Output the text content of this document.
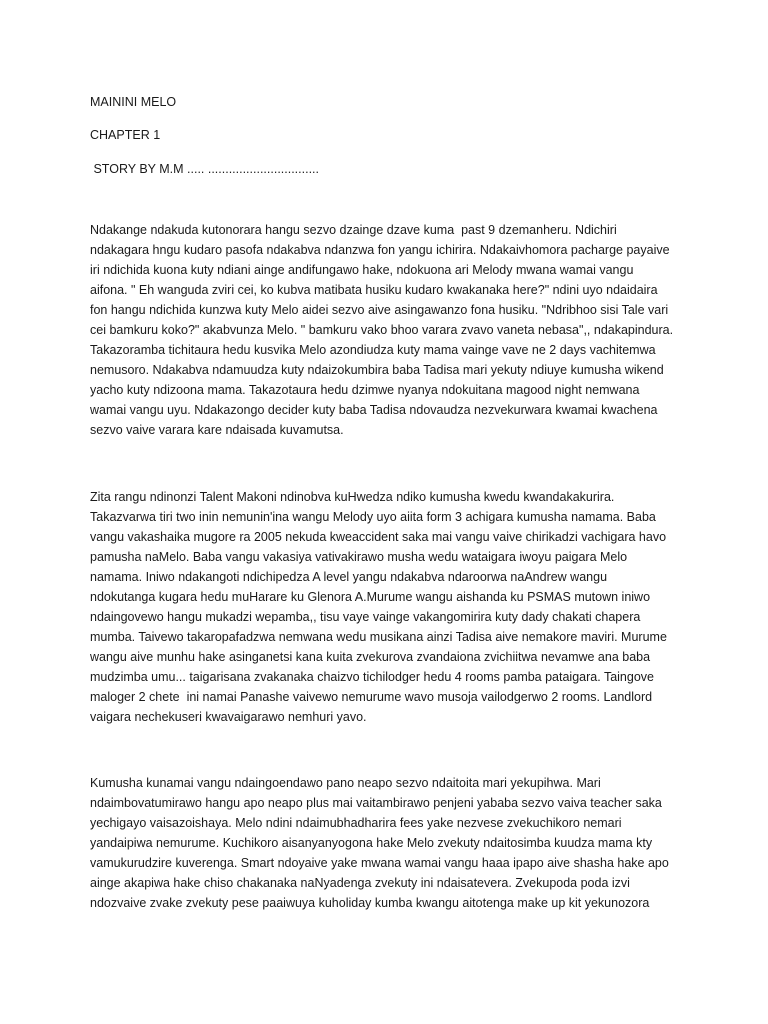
MAININI MELO
CHAPTER 1
STORY BY M.M ..... ................................
Ndakange ndakuda kutonorara hangu sezvo dzainge dzave kuma  past 9 dzemanheru. Ndichiri
ndakagara hngu kudaro pasofa ndakabva ndanzwa fon yangu ichirira. Ndakaivhomora pacharge payaive
iri ndichida kuona kuty ndiani ainge andifungawo hake, ndokuona ari Melody mwana wamai vangu
aifona. " Eh wanguda zviri cei, ko kubva matibata husiku kudaro kwakanaka here?" ndini uyo ndaidaira
fon hangu ndichida kunzwa kuty Melo aidei sezvo aive asingawanzo fona husiku. "Ndribhoo sisi Tale vari
cei bamkuru koko?" akabvunza Melo. " bamkuru vako bhoo varara zvavo vaneta nebasa",, ndakapindura.
Takazoramba tichitaura hedu kusvika Melo azondiudza kuty mama vainge vave ne 2 days vachitemwa
nemusoro. Ndakabva ndamuudza kuty ndaizokumbira baba Tadisa mari yekuty ndiuye kumusha wikend
yacho kuty ndizoona mama. Takazotaura hedu dzimwe nyanya ndokuitana magood night nemwana
wamai vangu uyu. Ndakazongo decider kuty baba Tadisa ndovaudza nezvekurwara kwamai kwachena
sezvo vaive varara kare ndaisada kuvamutsa.
Zita rangu ndinonzi Talent Makoni ndinobva kuHwedza ndiko kumusha kwedu kwandakakurira.
Takazvarwa tiri two inin nemunin'ina wangu Melody uyo aiita form 3 achigara kumusha namama. Baba
vangu vakashaika mugore ra 2005 nekuda kweaccident saka mai vangu vaive chirikadzi vachigara havo
pamusha naMelo. Baba vangu vakasiya vativakirawo musha wedu wataigara iwoyu paigara Melo
namama. Iniwo ndakangoti ndichipedza A level yangu ndakabva ndaroorwa naAndrew wangu
ndokutanga kugara hedu muHarare ku Glenora A.Murume wangu aishanda ku PSMAS mutown iniwo
ndaingovewo hangu mukadzi wepamba,, tisu vaye vainge vakangomirira kuty dady chakati chapera
mumba. Taivewo takaropafadzwa nemwana wedu musikana ainzi Tadisa aive nemakore maviri. Murume
wangu aive munhu hake asinganetsi kana kuita zvekurova zvandaiona zvichiitwa nevamwe ana baba
mudzimba umu... taigarisana zvakanaka chaizvo tichilodger hedu 4 rooms pamba pataigara. Taingove
maloger 2 chete  ini namai Panashe vaivewo nemurume wavo musoja vailodgerwo 2 rooms. Landlord
vaigara nechekuseri kwavaigarawo nemhuri yavo.
Kumusha kunamai vangu ndaingoendawo pano neapo sezvo ndaitoita mari yekupihwa. Mari
ndaimbovatumirawo hangu apo neapo plus mai vaitambirawo penjeni yababa sezvo vaiva teacher saka
yechigayo vaisazoishaya. Melo ndini ndaimubhadharira fees yake nezvese zvekuchikoro nemari
yandaipiwa nemurume. Kuchikoro aisanyanyogona hake Melo zvekuty ndaitosimba kuudza mama kty
vamukurudzire kuverenga. Smart ndoyaive yake mwana wamai vangu haaa ipapo aive shasha hake apo
ainge akapiwa hake chiso chakanaka naNyadenga zvekuty ini ndaisatevera. Zvekupoda poda izvi
ndozvaive zvake zvekuty pese paaiwuya kuholiday kumba kwangu aitotenga make up kit yekunozora
